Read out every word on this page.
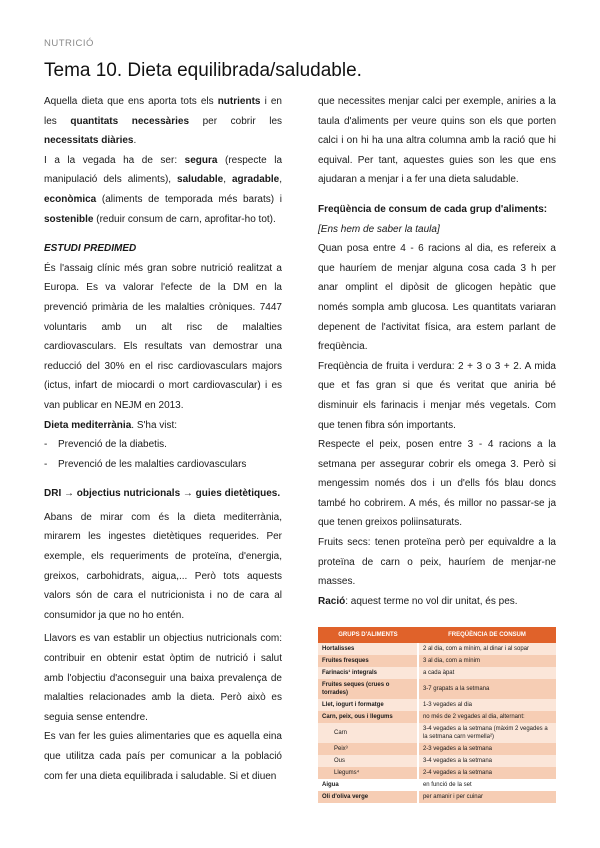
NUTRICIÓ
Tema 10. Dieta equilibrada/saludable.

Aquella dieta que ens aporta tots els nutrients i en les quantitats necessàries per cobrir les necessitats diàries.

I a la vegada ha de ser: segura (respecte la manipulació dels aliments), saludable, agradable, econòmica (aliments de temporada més barats) i sostenible (reduir consum de carn, aprofitar-ho tot).

ESTUDI PREDIMED

És l'assaig clínic més gran sobre nutrició realitzat a Europa. Es va valorar l'efecte de la DM en la prevenció primària de les malalties cròniques. 7447 voluntaris amb un alt risc de malalties cardiovasculars. Els resultats van demostrar una reducció del 30% en el risc cardiovasculars majors (ictus, infart de miocardi o mort cardiovascular) i es van publicar en NEJM en 2013.

Dieta mediterrània. S'ha vist:

- Prevenció de la diabetis.
- Prevenció de les malalties cardiovasculars

DRI → objectius nutricionals → guies dietètiques.

Abans de mirar com és la dieta mediterrània, mirarem les ingestes dietètiques requerides. Per exemple, els requeriments de proteïna, d'energia, greixos, carbohidrats, aigua,... Però tots aquests valors són de cara el nutricionista i no de cara al consumidor ja que no ho entén.

Llavors es van establir un objectius nutricionals com: contribuir en obtenir estat òptim de nutrició i salut amb l'objectiu d'aconseguir una baixa prevalença de malalties relacionades amb la dieta. Però això es seguia sense entendre.

Es van fer les guies alimentaries que es aquella eina que utilitza cada país per comunicar a la població com fer una dieta equilibrada i saludable. Si et diuen

que necessites menjar calci per exemple, aniries a la taula d'aliments per veure quins son els que porten calci i on hi ha una altra columna amb la ració que hi equival. Per tant, aquestes guies son les que ens ajudaran a menjar i a fer una dieta saludable.

Freqüència de consum de cada grup d'aliments:

[Ens hem de saber la taula]

Quan posa entre 4 - 6 racions al dia, es refereix a que hauríem de menjar alguna cosa cada 3 h per anar omplint el dipòsit de glicogen hepàtic que només sompla amb glucosa. Les quantitats variaran depenent de l'activitat física, ara estem parlant de freqüència.

Freqüència de fruita i verdura: 2 + 3 o 3 + 2. A mida que et fas gran si que és veritat que aniria bé disminuir els farinacis i menjar més vegetals. Com que tenen fibra són importants.

Respecte el peix, posen entre 3 - 4 racions a la setmana per assegurar cobrir els omega 3. Però si mengessim només dos i un d'ells fós blau doncs també ho cobrirem. A més, és millor no passar-se ja que tenen greixos poliinsaturats.

Fruits secs: tenen proteïna però per equivaldre a la proteïna de carn o peix, hauríem de menjar-ne masses.

Ració: aquest terme no vol dir unitat, és pes.

GRUPS D'ALIMENTS	FREQÜÈNCIA DE CONSUM
Hortalisses	2 al dia, com a mínim, al dinar i al sopar
Fruites fresques	3 al dia, com a mínim
Farinacis¹ integrals	a cada àpat
Fruites seques (crues o torrades)	3-7 grapats a la setmana
Llet, iogurt i formatge	1-3 vegades al dia
Carn, peix, ous i llegums	no més de 2 vegades al dia, alternant:
Carn	3-4 vegades a la setmana (màxim 2 vegades a la setmana carn vermella²)
Peix³	2-3 vegades a la setmana
Ous	3-4 vegades a la setmana
Llegums⁴	2-4 vegades a la setmana
Aigua	en funció de la set
Oli d'oliva verge	per amanir i per cuinar
